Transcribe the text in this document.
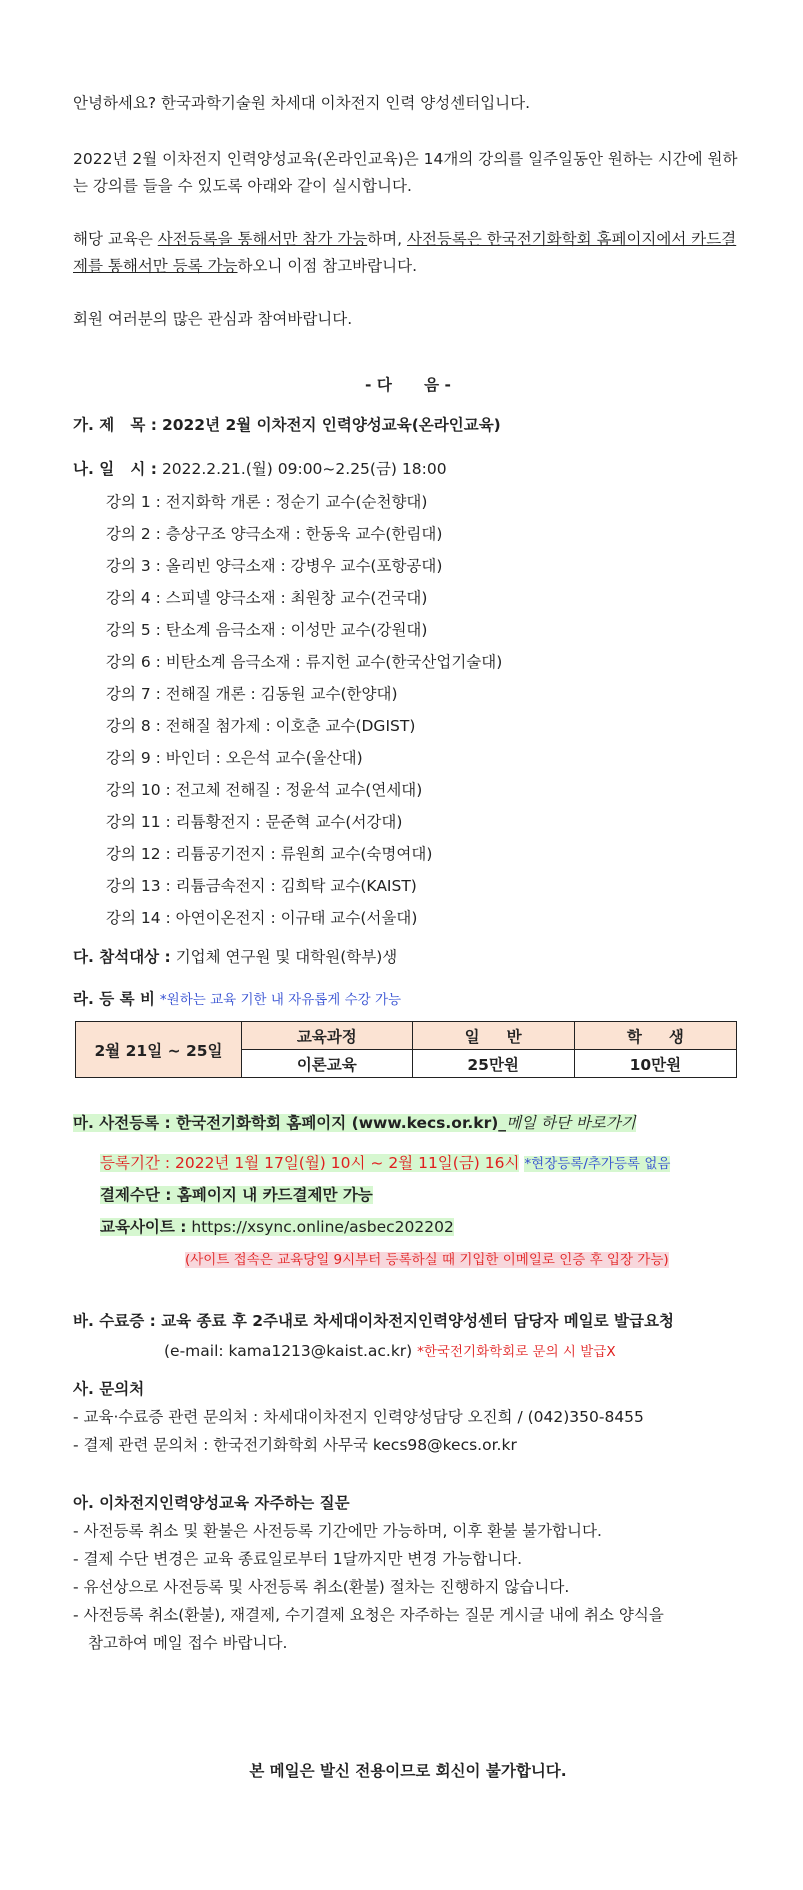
안녕하세요? 한국과학기술원 차세대 이차전지 인력 양성센터입니다.

2022년 2월 이차전지 인력양성교육(온라인교육)은 14개의 강의를 일주일동안 원하는 시간에 원하는 강의를 들을 수 있도록 아래와 같이 실시합니다.

해당 교육은 사전등록을 통해서만 참가 가능하며, 사전등록은 한국전기화학회 홈페이지에서 카드결제를 통해서만 등록 가능하오니 이점 참고바랍니다.

회원 여러분의 많은 관심과 참여바랍니다.

- 다      음 -

가. 제   목 : 2022년 2월 이차전지 인력양성교육(온라인교육)

나. 일   시 : 2022.2.21.(월) 09:00~2.25(금) 18:00

강의 1 : 전지화학 개론 : 정순기 교수(순천향대)
강의 2 : 층상구조 양극소재 : 한동욱 교수(한림대)
강의 3 : 올리빈 양극소재 : 강병우 교수(포항공대)
강의 4 : 스피넬 양극소재 : 최원창 교수(건국대)
강의 5 : 탄소계 음극소재 : 이성만 교수(강원대)
강의 6 : 비탄소계 음극소재 : 류지헌 교수(한국산업기술대)
강의 7 : 전해질 개론 : 김동원 교수(한양대)
강의 8 : 전해질 첨가제 : 이호춘 교수(DGIST)
강의 9 : 바인더 : 오은석 교수(울산대)
강의 10 : 전고체 전해질 : 정윤석 교수(연세대)
강의 11 : 리튬황전지 : 문준혁 교수(서강대)
강의 12 : 리튬공기전지 : 류원희 교수(숙명여대)
강의 13 : 리튬금속전지 : 김희탁 교수(KAIST)
강의 14 : 아연이온전지 : 이규태 교수(서울대)

다. 참석대상 : 기업체 연구원 및 대학원(학부)생

라. 등 록 비 *원하는 교육 기한 내 자유롭게 수강 가능

2월 21일 ~ 25일	교육과정	일     반	학     생
	이론교육	25만원	10만원

마. 사전등록 : 한국전기화학회 홈페이지 (www.kecs.or.kr)_메일 하단 바로가기

등록기간 : 2022년 1월 17일(월) 10시 ~ 2월 11일(금) 16시 *현장등록/추가등록 없음

결제수단 : 홈페이지 내 카드결제만 가능

교육사이트 : https://xsync.online/asbec202202

(사이트 접속은 교육당일 9시부터 등록하실 때 기입한 이메일로 인증 후 입장 가능)

바. 수료증 : 교육 종료 후 2주내로 차세대이차전지인력양성센터 담당자 메일로 발급요청

(e-mail: kama1213@kaist.ac.kr) *한국전기화학회로 문의 시 발급X

사. 문의처

- 교육·수료증 관련 문의처 : 차세대이차전지 인력양성담당 오진희 / (042)350-8455

- 결제 관련 문의처 : 한국전기화학회 사무국 kecs98@kecs.or.kr

아. 이차전지인력양성교육 자주하는 질문

- 사전등록 취소 및 환불은 사전등록 기간에만 가능하며, 이후 환불 불가합니다.

- 결제 수단 변경은 교육 종료일로부터 1달까지만 변경 가능합니다.

- 유선상으로 사전등록 및 사전등록 취소(환불) 절차는 진행하지 않습니다.

- 사전등록 취소(환불), 재결제, 수기결제 요청은 자주하는 질문 게시글 내에 취소 양식을

참고하여 메일 접수 바랍니다.

본 메일은 발신 전용이므로 회신이 불가합니다.
